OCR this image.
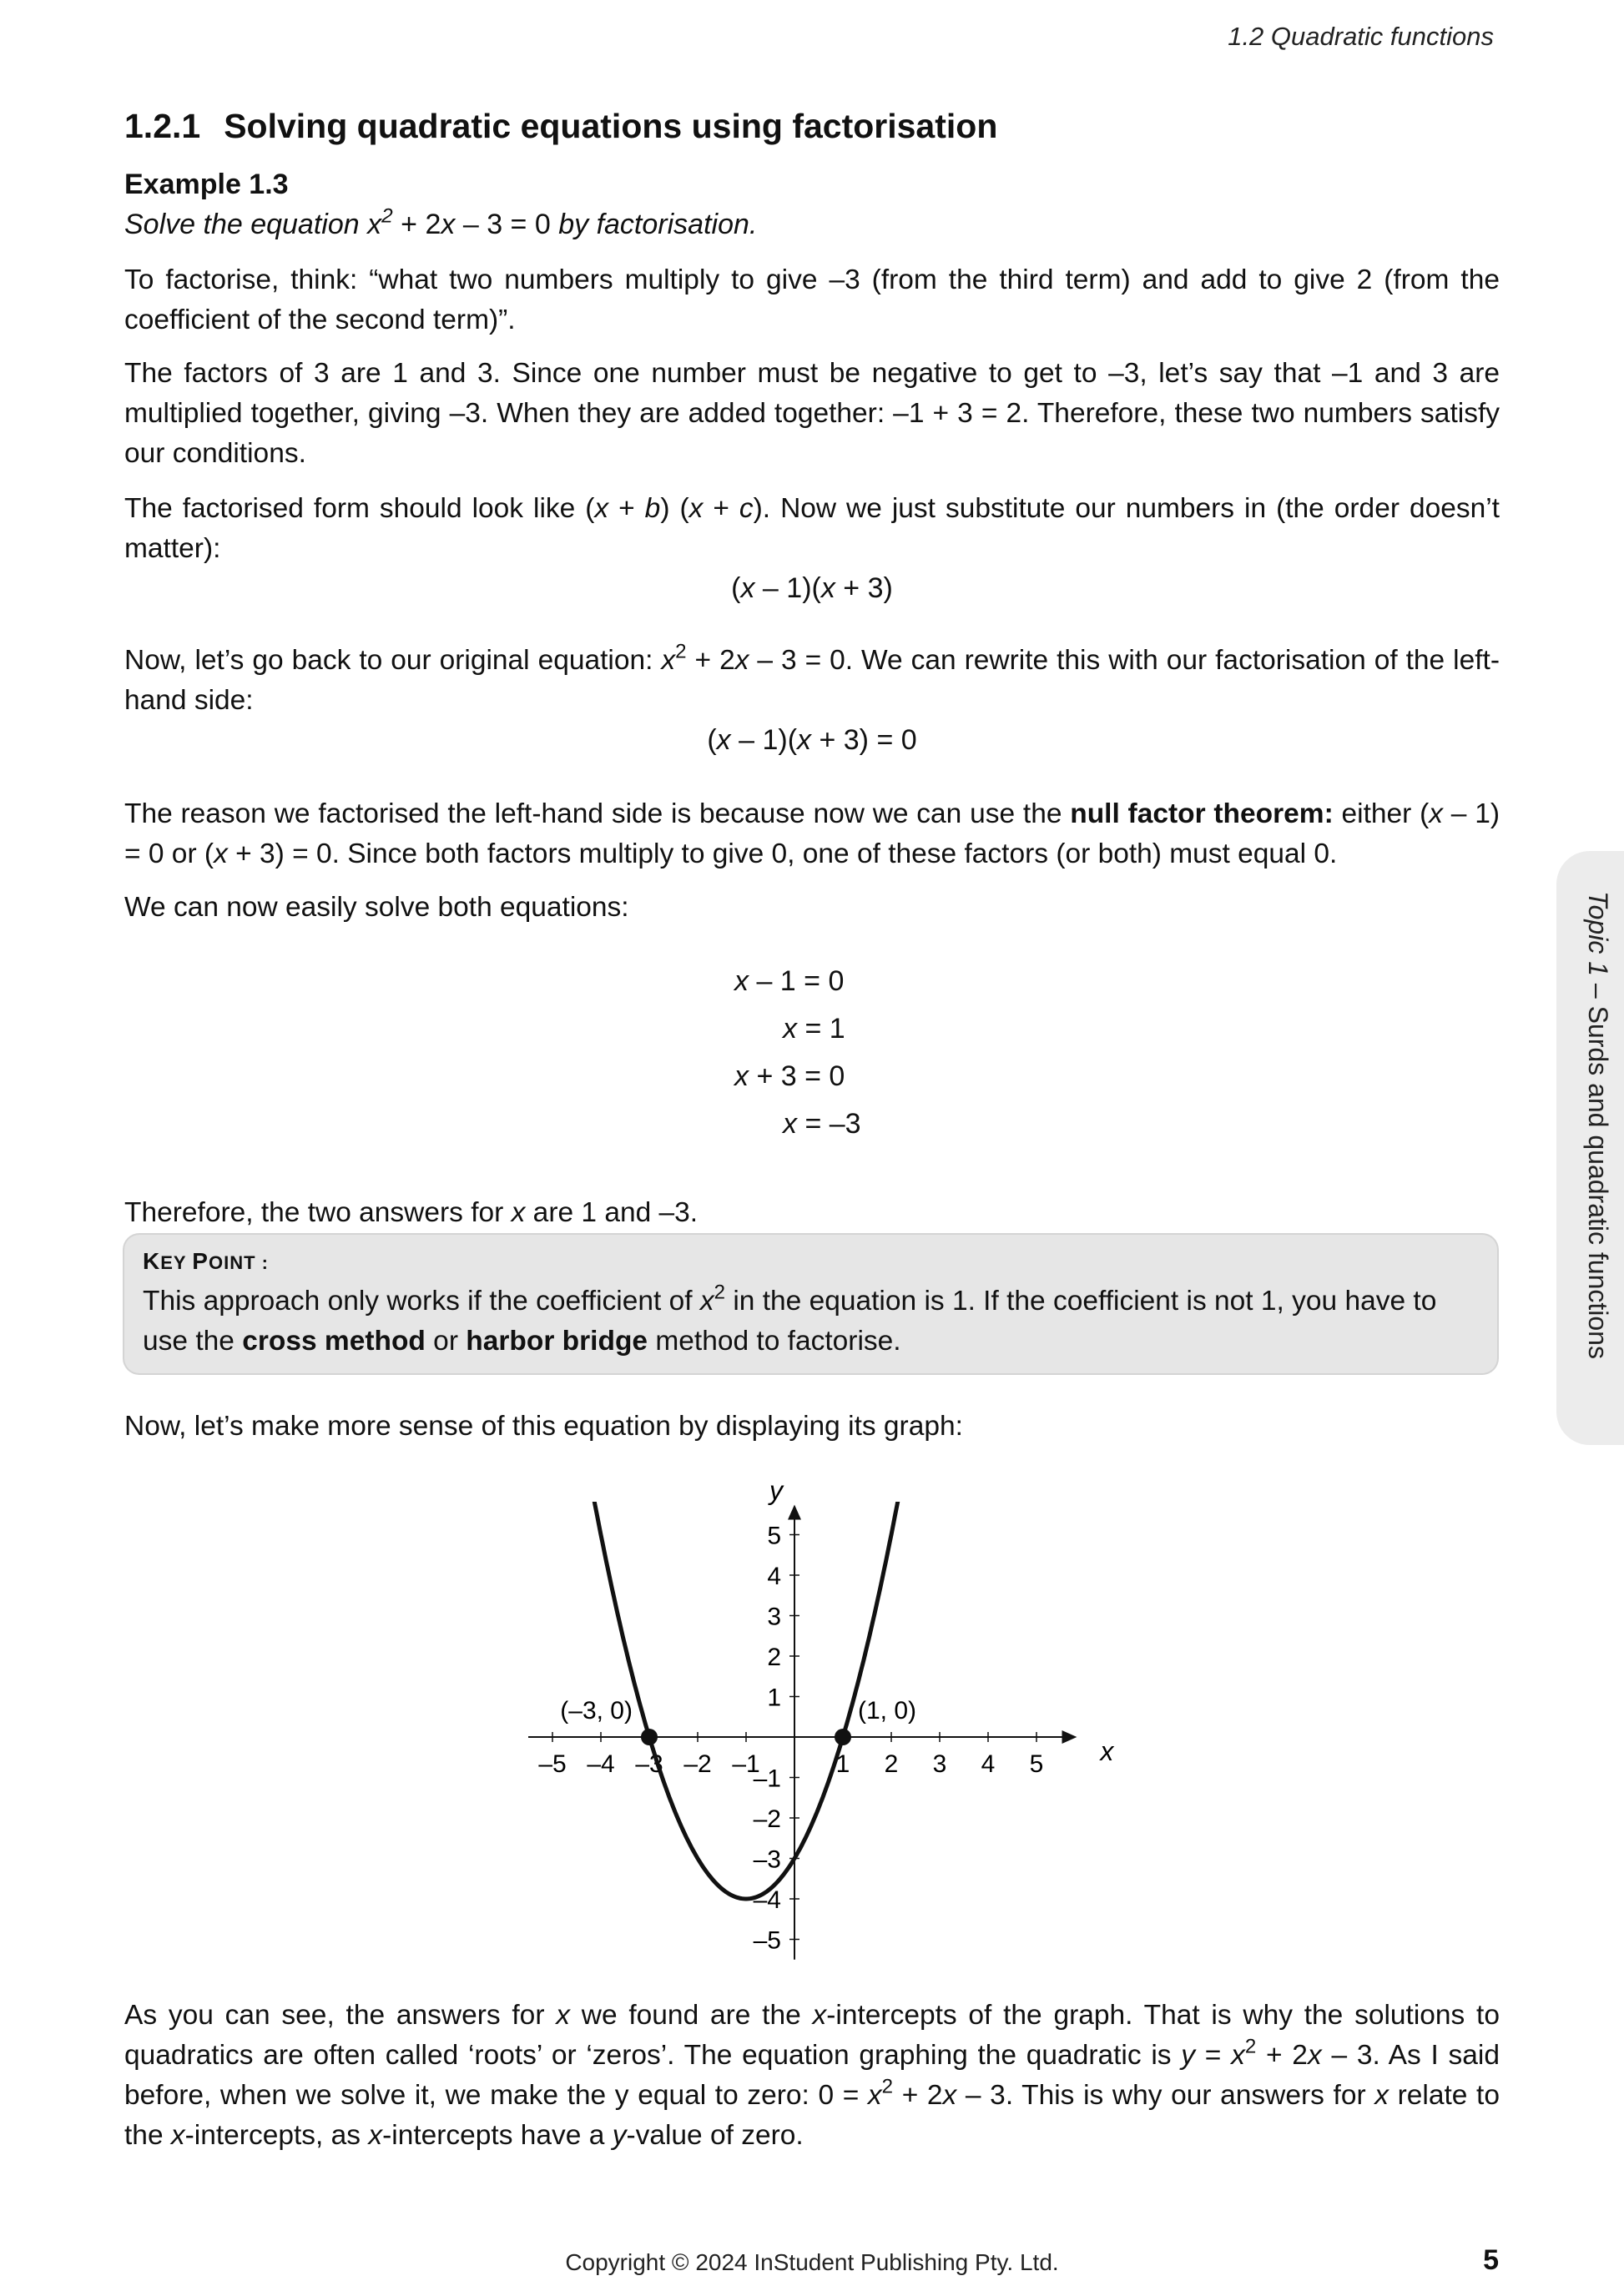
1.2 Quadratic functions
1.2.1 Solving quadratic equations using factorisation
Example 1.3
Solve the equation $x^2 + 2x - 3 = 0$ by factorisation.
To factorise, think: “what two numbers multiply to give –3 (from the third term) and add to give 2 (from the coefficient of the second term)”.
The factors of 3 are 1 and 3. Since one number must be negative to get to –3, let’s say that –1 and 3 are multiplied together, giving –3. When they are added together: –1 + 3 = 2. Therefore, these two numbers satisfy our conditions.
The factorised form should look like (x + b) (x + c). Now we just substitute our numbers in (the order doesn’t matter):
(x – 1)(x + 3)
Now, let’s go back to our original equation: $x^2 + 2x - 3 = 0$. We can rewrite this with our factorisation of the left-hand side:
(x – 1)(x + 3) = 0
The reason we factorised the left-hand side is because now we can use the null factor theorem: either (x – 1) = 0 or (x + 3) = 0. Since both factors multiply to give 0, one of these factors (or both) must equal 0.
We can now easily solve both equations:
x – 1 = 0
x = 1
x + 3 = 0
x = –3
Therefore, the two answers for x are 1 and –3.
KEY POINT :
This approach only works if the coefficient of $x^2$ in the equation is 1. If the coefficient is not 1, you have to use the cross method or harbor bridge method to factorise.
Now, let’s make more sense of this equation by displaying its graph:
x
y
–5 –4 –3 –2 –1	1 2 3 4 5
–5
–4
–3
–2
–1
1
2
3
4
5
(–3, 0)	(1, 0)
As you can see, the answers for x we found are the x-intercepts of the graph. That is why the solutions to quadratics are often called ‘roots’ or ‘zeros’. The equation graphing the quadratic is $y = x^2 + 2x - 3$. As I said before, when we solve it, we make the y equal to zero: $0 = x^2 + 2x - 3$. This is why our answers for x relate to the x-intercepts, as x-intercepts have a y-value of zero.
Topic 1 – Surds and quadratic functions
Copyright © 2024 InStudent Publishing Pty. Ltd.	5
